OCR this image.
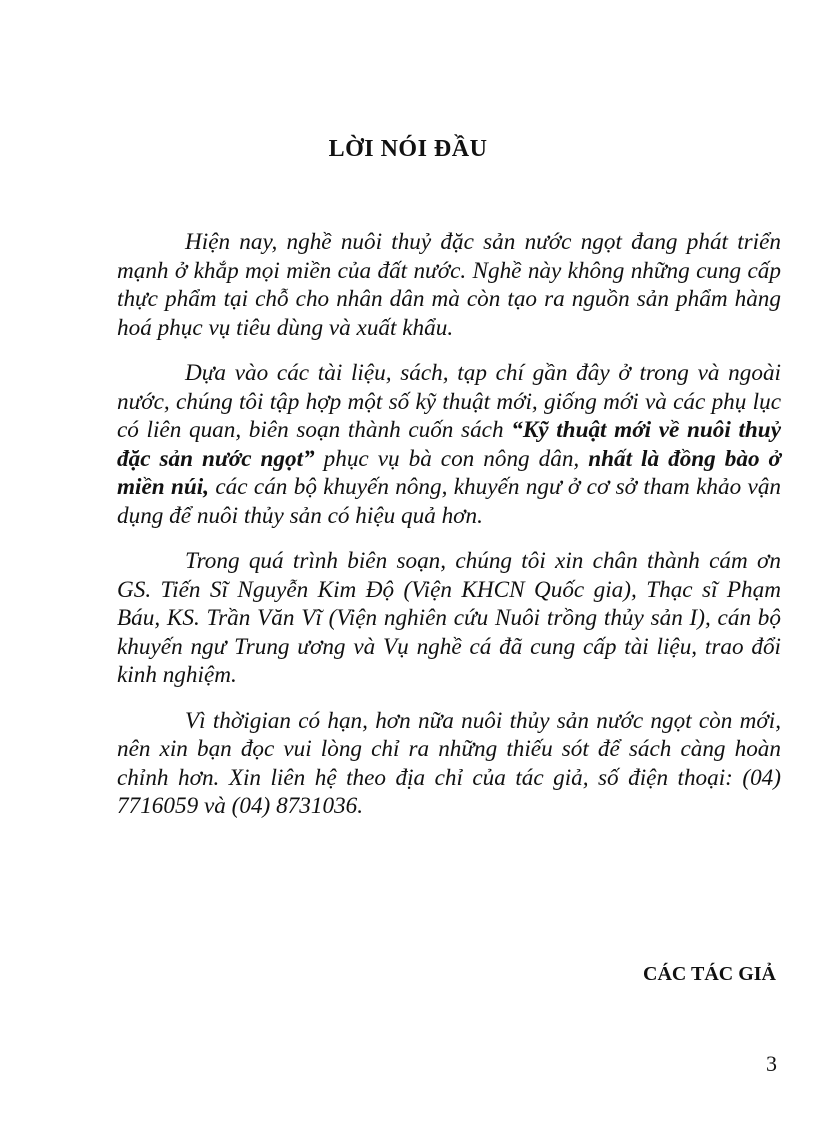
LỜI NÓI ĐẦU

Hiện nay, nghề nuôi thuỷ đặc sản nước ngọt đang phát triển mạnh ở khắp mọi miền của đất nước. Nghề này không những cung cấp thực phẩm tại chỗ cho nhân dân mà còn tạo ra nguồn sản phẩm hàng hoá phục vụ tiêu dùng và xuất khẩu.

Dựa vào các tài liệu, sách, tạp chí gần đây ở trong và ngoài nước, chúng tôi tập hợp một số kỹ thuật mới, giống mới và các phụ lục có liên quan, biên soạn thành cuốn sách “Kỹ thuật mới về nuôi thuỷ đặc sản nước ngọt” phục vụ bà con nông dân, nhất là đồng bào ở miền núi, các cán bộ khuyến nông, khuyến ngư ở cơ sở tham khảo vận dụng để nuôi thủy sản có hiệu quả hơn.

Trong quá trình biên soạn, chúng tôi xin chân thành cám ơn GS. Tiến Sĩ Nguyễn Kim Độ (Viện KHCN Quốc gia), Thạc sĩ Phạm Báu, KS. Trần Văn Vĩ (Viện nghiên cứu Nuôi trồng thủy sản I), cán bộ khuyến ngư Trung ương và Vụ nghề cá đã cung cấp tài liệu, trao đổi kinh nghiệm.

Vì thờigian có hạn, hơn nữa nuôi thủy sản nước ngọt còn mới, nên xin bạn đọc vui lòng chỉ ra những thiếu sót để sách càng hoàn chỉnh hơn. Xin liên hệ theo địa chỉ của tác giả, số điện thoại: (04) 7716059 và (04) 8731036.

CÁC TÁC GIẢ

3
